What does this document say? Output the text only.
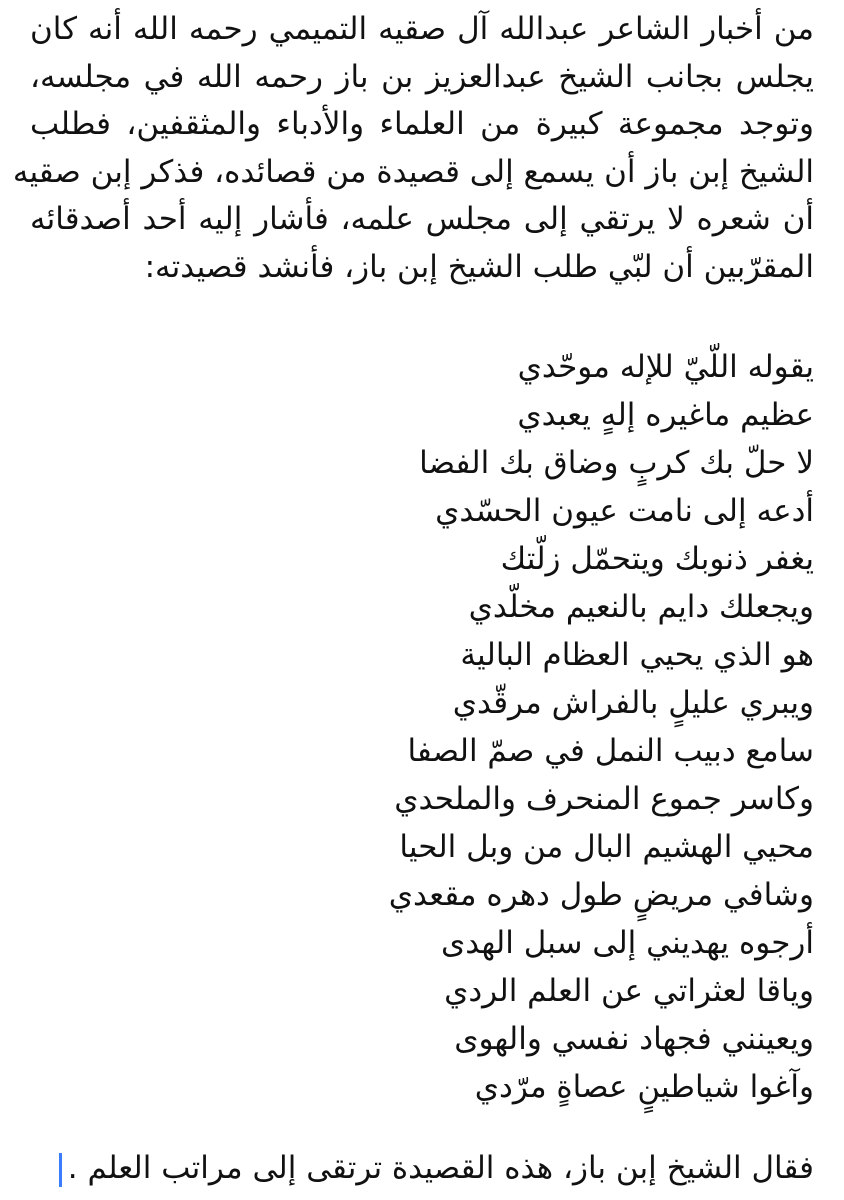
من أخبار الشاعر عبدالله آل صقيه التميمي رحمه الله أنه كان
يجلس بجانب الشيخ عبدالعزيز بن باز رحمه الله في مجلسه،
وتوجد مجموعة كبيرة من العلماء والأدباء والمثقفين، فطلب
الشيخ إبن باز أن يسمع إلى قصيدة من قصائده، فذكر إبن صقيه
أن شعره لا يرتقي إلى مجلس علمه، فأشار إليه أحد أصدقائه
المقرّبين أن لبّي طلب الشيخ إبن باز، فأنشد قصيدته:
يقوله اللّيّ للإله موحّدي
عظيم ماغيره إلهٍ يعبدي
لا حلّ بك كربٍ وضاق بك الفضا
أدعه إلى نامت عيون الحسّدي
يغفر ذنوبك ويتحمّل زلّتك
ويجعلك دايم بالنعيم مخلّدي
هو الذي يحيي العظام البالية
ويبري عليلٍ بالفراش مرقّدي
سامع دبيب النمل في صمّ الصفا
وكاسر جموع المنحرف والملحدي
محيي الهشيم البال من وبل الحيا
وشافي مريضٍ طول دهره مقعدي
أرجوه يهديني إلى سبل الهدى
وياقا لعثراتي عن العلم الردي
ويعينني فجهاد نفسي والهوى
وآغوا شياطينٍ عصاةٍ مرّدي
فقال الشيخ إبن باز، هذه القصيدة ترتقى إلى مراتب العلم .
